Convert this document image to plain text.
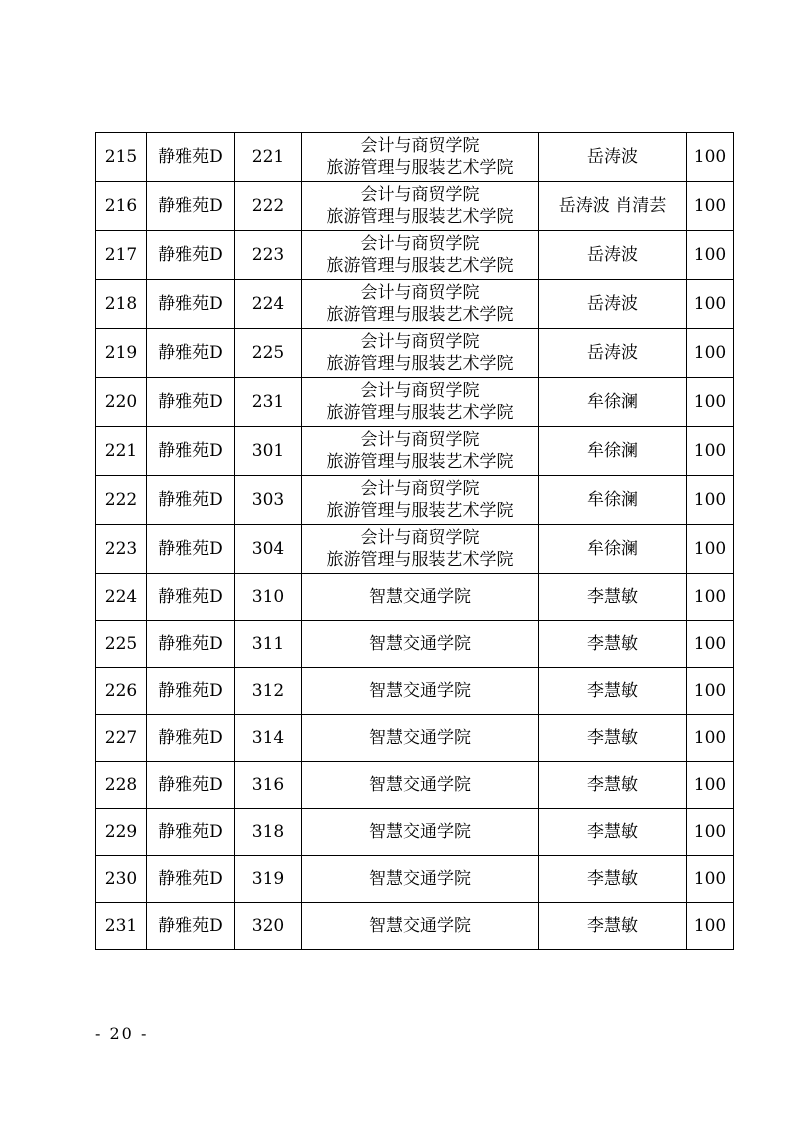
215	静雅苑D	221	会计与商贸学院
旅游管理与服装艺术学院	岳涛波	100
216	静雅苑D	222	会计与商贸学院
旅游管理与服装艺术学院	岳涛波 肖清芸	100
217	静雅苑D	223	会计与商贸学院
旅游管理与服装艺术学院	岳涛波	100
218	静雅苑D	224	会计与商贸学院
旅游管理与服装艺术学院	岳涛波	100
219	静雅苑D	225	会计与商贸学院
旅游管理与服装艺术学院	岳涛波	100
220	静雅苑D	231	会计与商贸学院
旅游管理与服装艺术学院	牟徐澜	100
221	静雅苑D	301	会计与商贸学院
旅游管理与服装艺术学院	牟徐澜	100
222	静雅苑D	303	会计与商贸学院
旅游管理与服装艺术学院	牟徐澜	100
223	静雅苑D	304	会计与商贸学院
旅游管理与服装艺术学院	牟徐澜	100
224	静雅苑D	310	智慧交通学院	李慧敏	100
225	静雅苑D	311	智慧交通学院	李慧敏	100
226	静雅苑D	312	智慧交通学院	李慧敏	100
227	静雅苑D	314	智慧交通学院	李慧敏	100
228	静雅苑D	316	智慧交通学院	李慧敏	100
229	静雅苑D	318	智慧交通学院	李慧敏	100
230	静雅苑D	319	智慧交通学院	李慧敏	100
231	静雅苑D	320	智慧交通学院	李慧敏	100
- 20 -
